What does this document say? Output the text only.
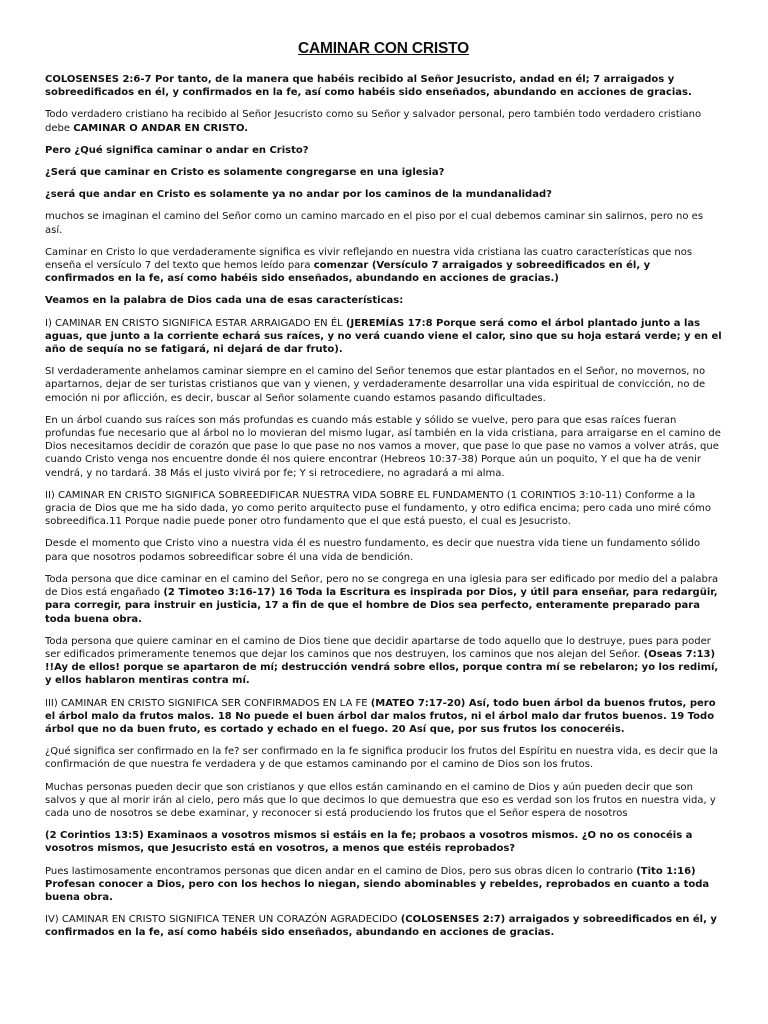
CAMINAR CON CRISTO

COLOSENSES 2:6-7 Por tanto, de la manera que habéis recibido al Señor Jesucristo, andad en él; 7 arraigados y sobreedificados en él, y confirmados en la fe, así como habéis sido enseñados, abundando en acciones de gracias.

Todo verdadero cristiano ha recibido al Señor Jesucristo como su Señor y salvador personal, pero también todo verdadero cristiano debe CAMINAR O ANDAR EN CRISTO.

Pero ¿Qué significa caminar o andar en Cristo?

¿Será que caminar en Cristo es solamente congregarse en una iglesia?

¿será que andar en Cristo es solamente ya no andar por los caminos de la mundanalidad?

muchos se imaginan el camino del Señor como un camino marcado en el piso por el cual debemos caminar sin salirnos, pero no es así.

Caminar en Cristo lo que verdaderamente significa es vivir reflejando en nuestra vida cristiana las cuatro características que nos enseña el versículo 7 del texto que hemos leído para comenzar (Versículo 7 arraigados y sobreedificados en él, y confirmados en la fe, así como habéis sido enseñados, abundando en acciones de gracias.)

Veamos en la palabra de Dios cada una de esas características:

I) CAMINAR EN CRISTO SIGNIFICA ESTAR ARRAIGADO EN ÉL (JEREMÍAS 17:8 Porque será como el árbol plantado junto a las aguas, que junto a la corriente echará sus raíces, y no verá cuando viene el calor, sino que su hoja estará verde; y en el año de sequía no se fatigará, ni dejará de dar fruto).

SI verdaderamente anhelamos caminar siempre en el camino del Señor tenemos que estar plantados en el Señor, no movernos, no apartarnos, dejar de ser turistas cristianos que van y vienen, y verdaderamente desarrollar una vida espiritual de convicción, no de emoción ni por aflicción, es decir, buscar al Señor solamente cuando estamos pasando dificultades.

En un árbol cuando sus raíces son más profundas es cuando más estable y sólido se vuelve, pero para que esas raíces fueran profundas fue necesario que al árbol no lo movieran del mismo lugar, así también en la vida cristiana, para arraigarse en el camino de Dios necesitamos decidir de corazón que pase lo que pase no nos vamos a mover, que pase lo que pase no vamos a volver atrás, que cuando Cristo venga nos encuentre donde él nos quiere encontrar (Hebreos 10:37-38) Porque aún un poquito, Y el que ha de venir vendrá, y no tardará. 38 Más el justo vivirá por fe; Y si retrocediere, no agradará a mi alma.

II) CAMINAR EN CRISTO SIGNIFICA SOBREEDIFICAR NUESTRA VIDA SOBRE EL FUNDAMENTO (1 CORINTIOS 3:10-11) Conforme a la gracia de Dios que me ha sido dada, yo como perito arquitecto puse el fundamento, y otro edifica encima; pero cada uno miré cómo sobreedifica.11 Porque nadie puede poner otro fundamento que el que está puesto, el cual es Jesucristo.

Desde el momento que Cristo vino a nuestra vida él es nuestro fundamento, es decir que nuestra vida tiene un fundamento sólido para que nosotros podamos sobreedificar sobre él una vida de bendición.

Toda persona que dice caminar en el camino del Señor, pero no se congrega en una iglesia para ser edificado por medio del a palabra de Dios está engañado (2 Timoteo 3:16-17) 16 Toda la Escritura es inspirada por Dios, y útil para enseñar, para redargüir, para corregir, para instruir en justicia, 17 a fin de que el hombre de Dios sea perfecto, enteramente preparado para toda buena obra.

Toda persona que quiere caminar en el camino de Dios tiene que decidir apartarse de todo aquello que lo destruye, pues para poder ser edificados primeramente tenemos que dejar los caminos que nos destruyen, los caminos que nos alejan del Señor. (Oseas 7:13) !!Ay de ellos! porque se apartaron de mí; destrucción vendrá sobre ellos, porque contra mí se rebelaron; yo los redimí, y ellos hablaron mentiras contra mí.

III) CAMINAR EN CRISTO SIGNIFICA SER CONFIRMADOS EN LA FE (MATEO 7:17-20) Así, todo buen árbol da buenos frutos, pero el árbol malo da frutos malos. 18 No puede el buen árbol dar malos frutos, ni el árbol malo dar frutos buenos. 19 Todo árbol que no da buen fruto, es cortado y echado en el fuego. 20 Así que, por sus frutos los conoceréis.

¿Qué significa ser confirmado en la fe? ser confirmado en la fe significa producir los frutos del Espíritu en nuestra vida, es decir que la confirmación de que nuestra fe verdadera y de que estamos caminando por el camino de Dios son los frutos.

Muchas personas pueden decir que son cristianos y que ellos están caminando en el camino de Dios y aún pueden decir que son salvos y que al morir irán al cielo, pero más que lo que decimos lo que demuestra que eso es verdad son los frutos en nuestra vida, y cada uno de nosotros se debe examinar, y reconocer si está produciendo los frutos que el Señor espera de nosotros

(2 Corintios 13:5) Examinaos a vosotros mismos si estáis en la fe; probaos a vosotros mismos. ¿O no os conocéis a vosotros mismos, que Jesucristo está en vosotros, a menos que estéis reprobados?

Pues lastimosamente encontramos personas que dicen andar en el camino de Dios, pero sus obras dicen lo contrario (Tito 1:16) Profesan conocer a Dios, pero con los hechos lo niegan, siendo abominables y rebeldes, reprobados en cuanto a toda buena obra.

IV) CAMINAR EN CRISTO SIGNIFICA TENER UN CORAZÓN AGRADECIDO (COLOSENSES 2:7) arraigados y sobreedificados en él, y confirmados en la fe, así como habéis sido enseñados, abundando en acciones de gracias.
